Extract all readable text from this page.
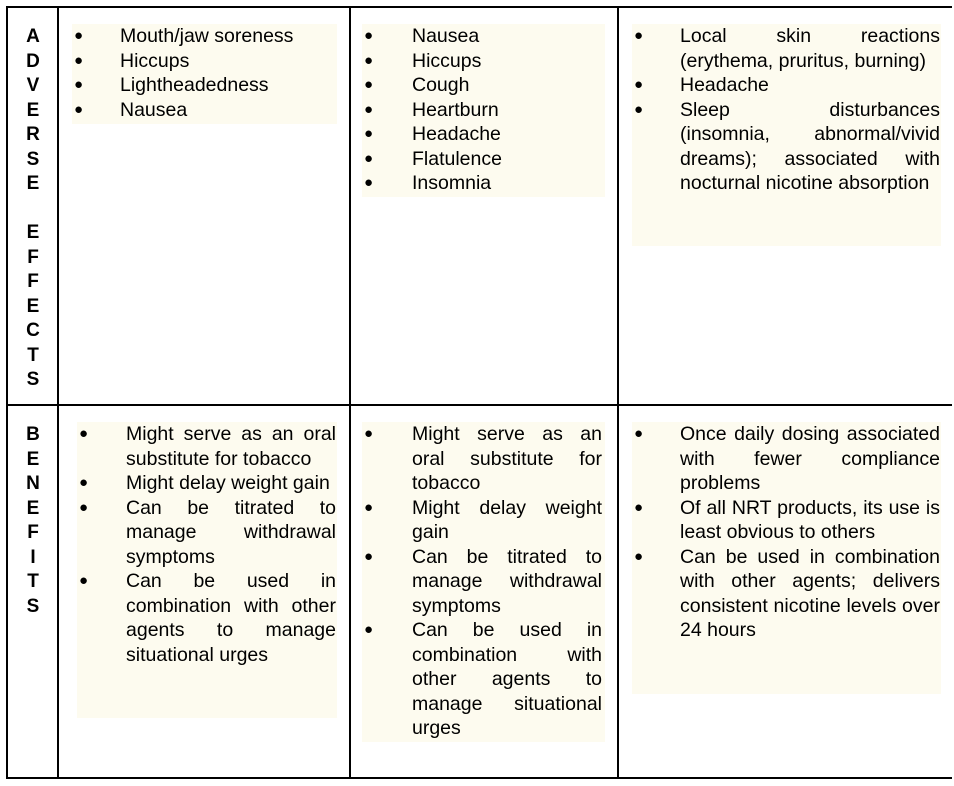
A
D
V
E
R
S
E
E
F
F
E
C
T
S
B
E
N
E
F
I
T
S
● Mouth/jaw soreness
● Hiccups
● Lightheadedness
● Nausea
● Nausea
● Hiccups
● Cough
● Heartburn
● Headache
● Flatulence
● Insomnia
● Local skin reactions (erythema, pruritus, burning)
● Headache
● Sleep disturbances (insomnia, abnormal/vivid dreams); associated with nocturnal nicotine absorption
● Might serve as an oral substitute for tobacco
● Might delay weight gain
● Can be titrated to manage withdrawal symptoms
● Can be used in combination with other agents to manage situational urges
● Might serve as an oral substitute for tobacco
● Might delay weight gain
● Can be titrated to manage withdrawal symptoms
● Can be used in combination with other agents to manage situational urges
● Once daily dosing associated with fewer compliance problems
● Of all NRT products, its use is least obvious to others
● Can be used in combination with other agents; delivers consistent nicotine levels over 24 hours
